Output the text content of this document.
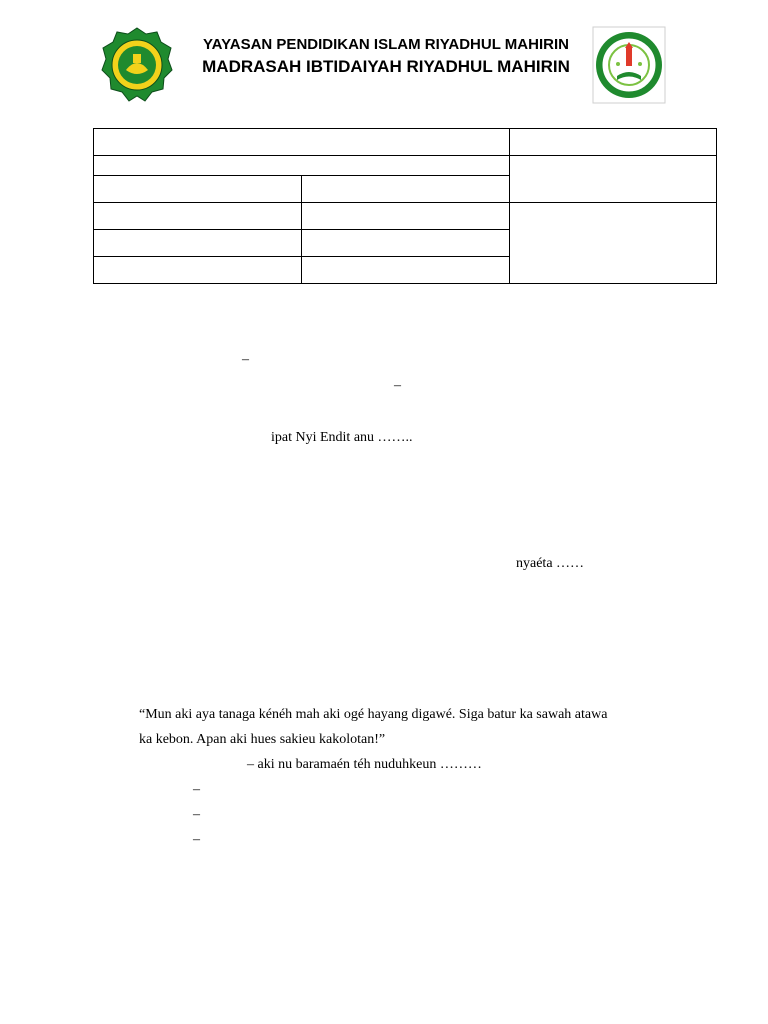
YAYASAN PENDIDIKAN ISLAM RIYADHUL MAHIRIN
MADRASAH IBTIDAIYAH RIYADHUL MAHIRIN
–
–
ipat Nyi Endit anu ……..
nyaéta ……
“Mun aki aya tanaga kénéh mah aki ogé hayang digawé. Siga batur ka sawah atawa
ka kebon. Apan aki hues sakieu kakolotan!”
– aki nu baramaén téh nuduhkeun ………
–
–
–
